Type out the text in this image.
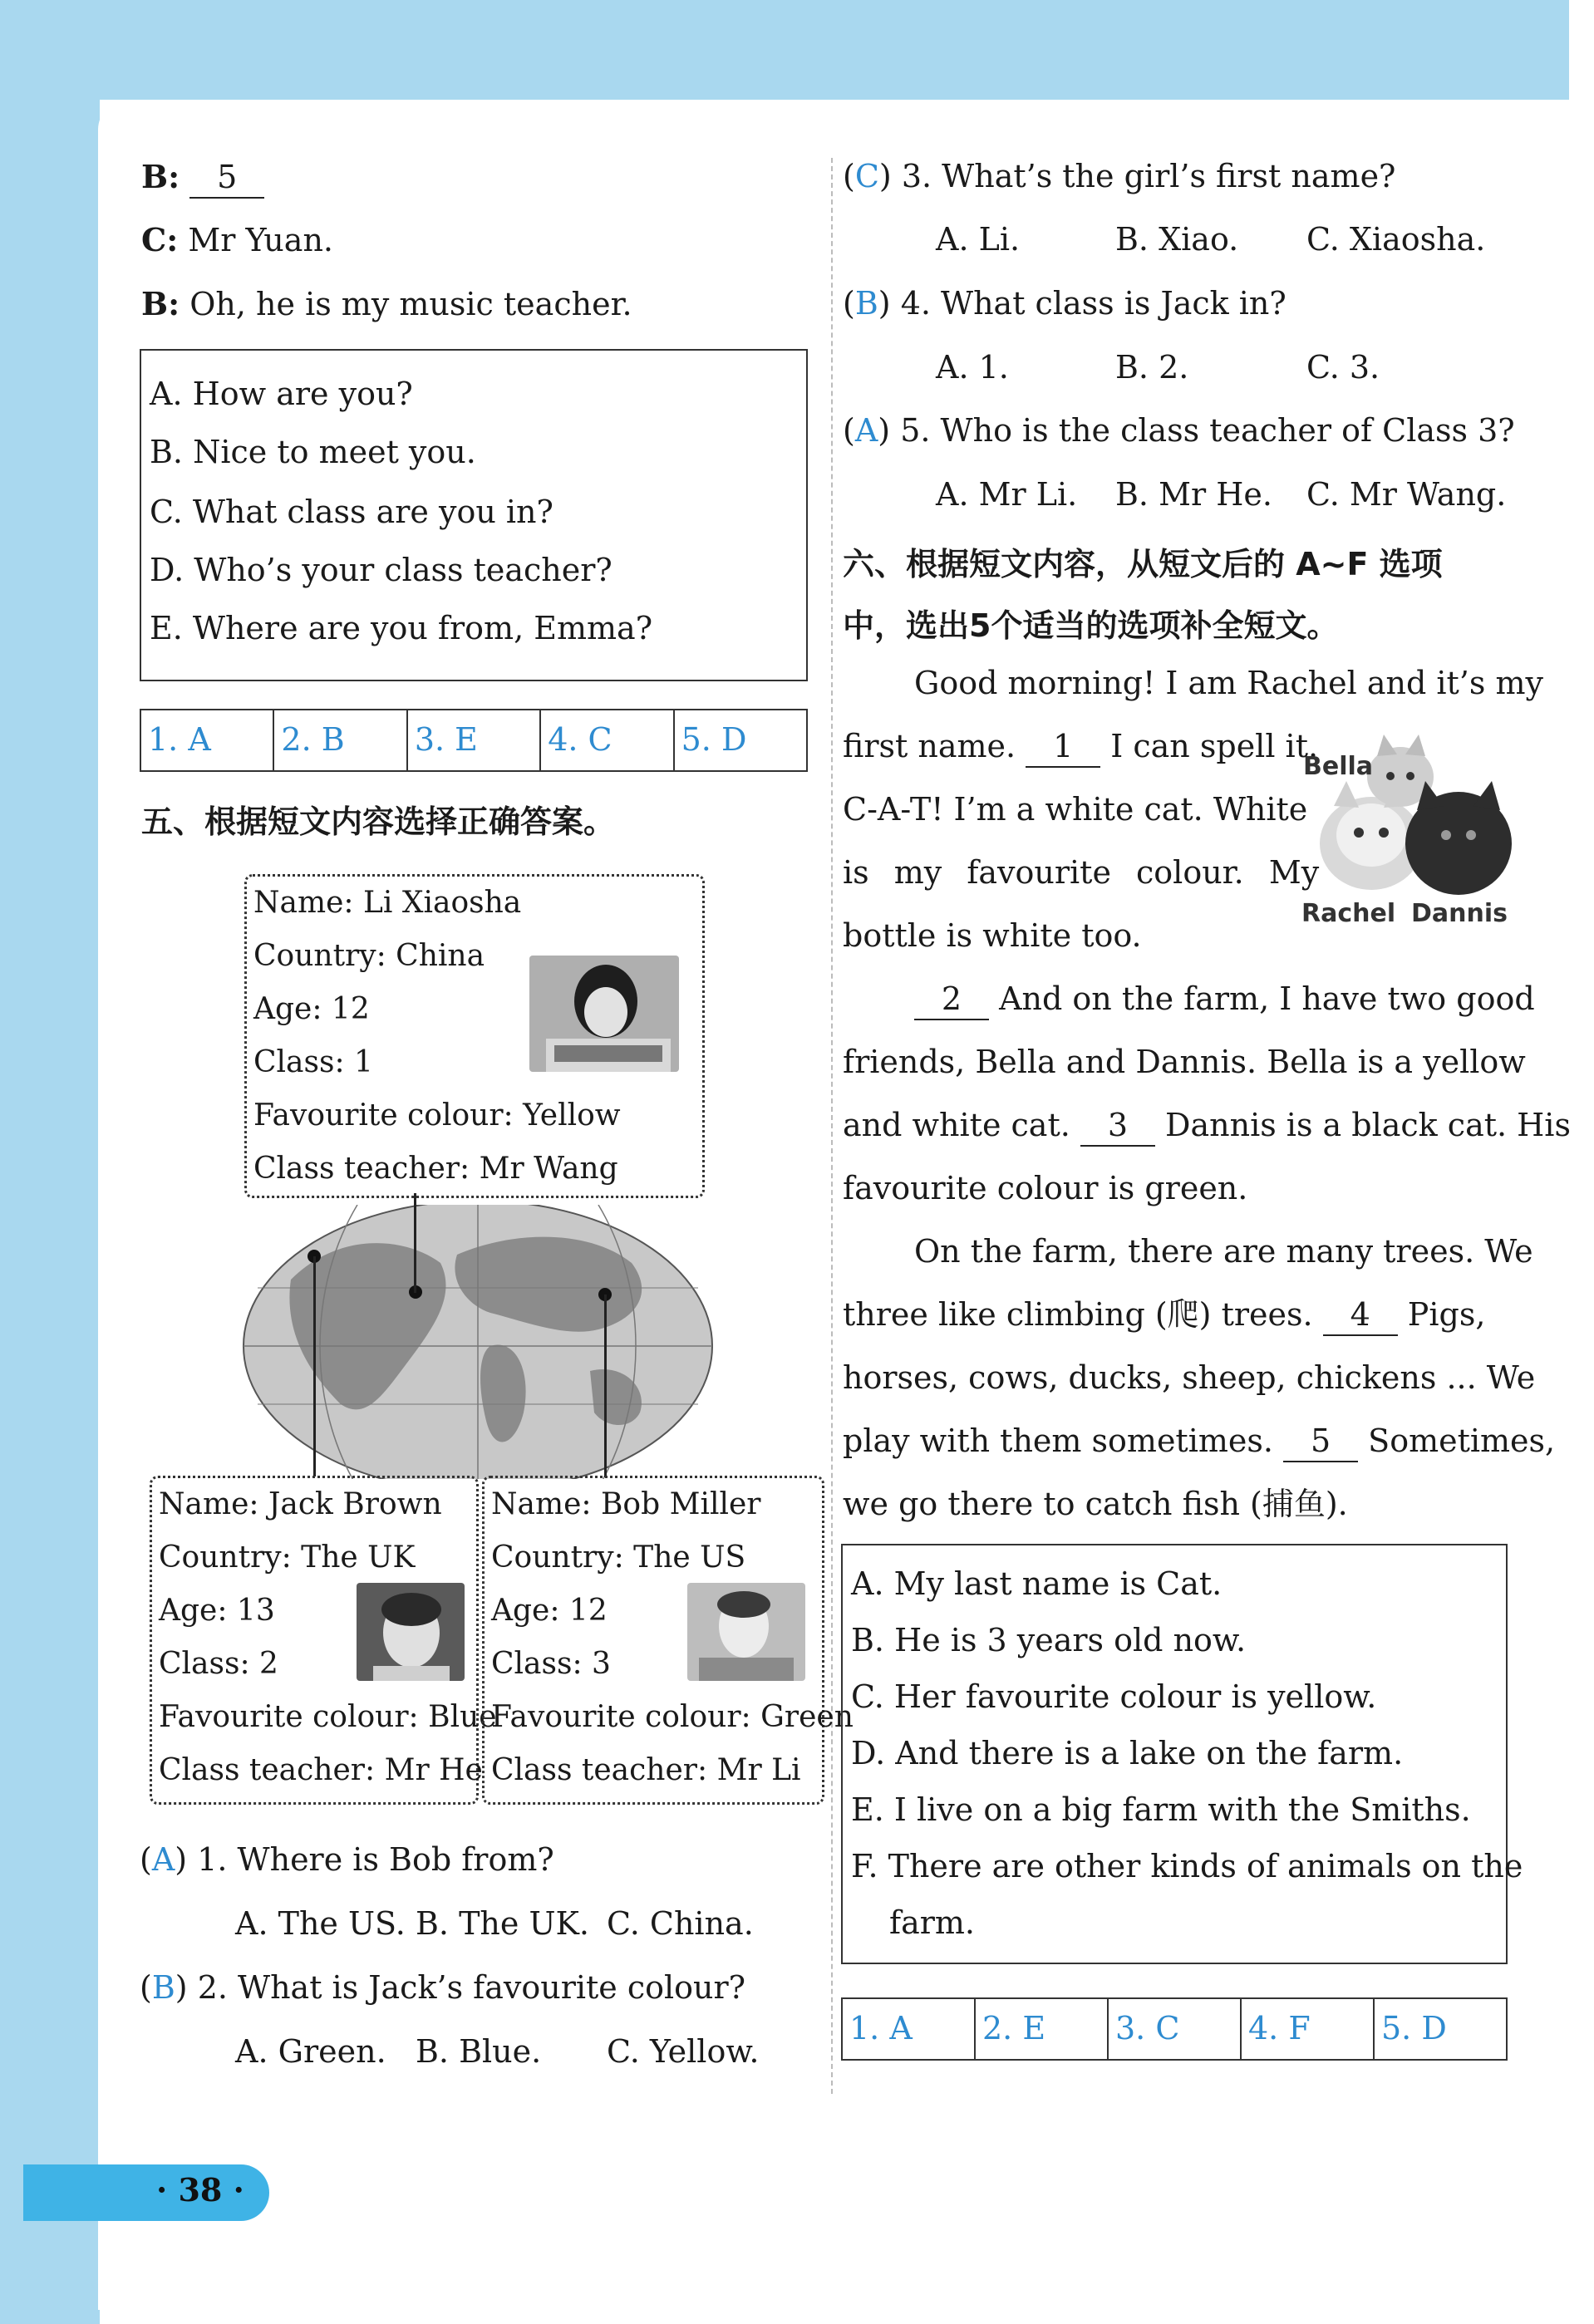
B: 5
C: Mr Yuan.
B: Oh, he is my music teacher.
A. How are you?
B. Nice to meet you.
C. What class are you in?
D. Who’s your class teacher?
E. Where are you from, Emma?
1. A	2. B	3. E	4. C	5. D
五、根据短文内容选择正确答案。
Name: Li Xiaosha
Country: China
Age: 12
Class: 1
Favourite colour: Yellow
Class teacher: Mr Wang
Name: Jack Brown
Country: The UK
Age: 13
Class: 2
Favourite colour: Blue
Class teacher: Mr He
Name: Bob Miller
Country: The US
Age: 12
Class: 3
Favourite colour: Green
Class teacher: Mr Li
(A) 1. Where is Bob from?
A. The US. B. The UK. C. China.
(B) 2. What is Jack’s favourite colour?
A. Green. B. Blue. C. Yellow.
(C) 3. What’s the girl’s first name?
A. Li.	B. Xiao. C. Xiaosha.
(B) 4. What class is Jack in?
A. 1.	B. 2.	C. 3.
(A) 5. Who is the class teacher of Class 3?
A. Mr Li. B. Mr He. C. Mr Wang.
六、根据短文内容，从短文后的 A~F 选项
中，选出5个适当的选项补全短文。
Good morning! I am Rachel and it’s my
first name. 1 I can spell it.
C-A-T! I’m a white cat. White
is my favourite colour. My
bottle is white too.
Bella
Rachel Dannis
2 And on the farm, I have two good
friends, Bella and Dannis. Bella is a yellow
and white cat. 3 Dannis is a black cat. His
favourite colour is green.
On the farm, there are many trees. We
three like climbing (爬) trees. 4 Pigs,
horses, cows, ducks, sheep, chickens ... We
play with them sometimes. 5 Sometimes,
we go there to catch fish (捕鱼).
A. My last name is Cat.
B. He is 3 years old now.
C. Her favourite colour is yellow.
D. And there is a lake on the farm.
E. I live on a big farm with the Smiths.
F. There are other kinds of animals on the
farm.
1. A	2. E	3. C	4. F	5. D
· 38 ·
